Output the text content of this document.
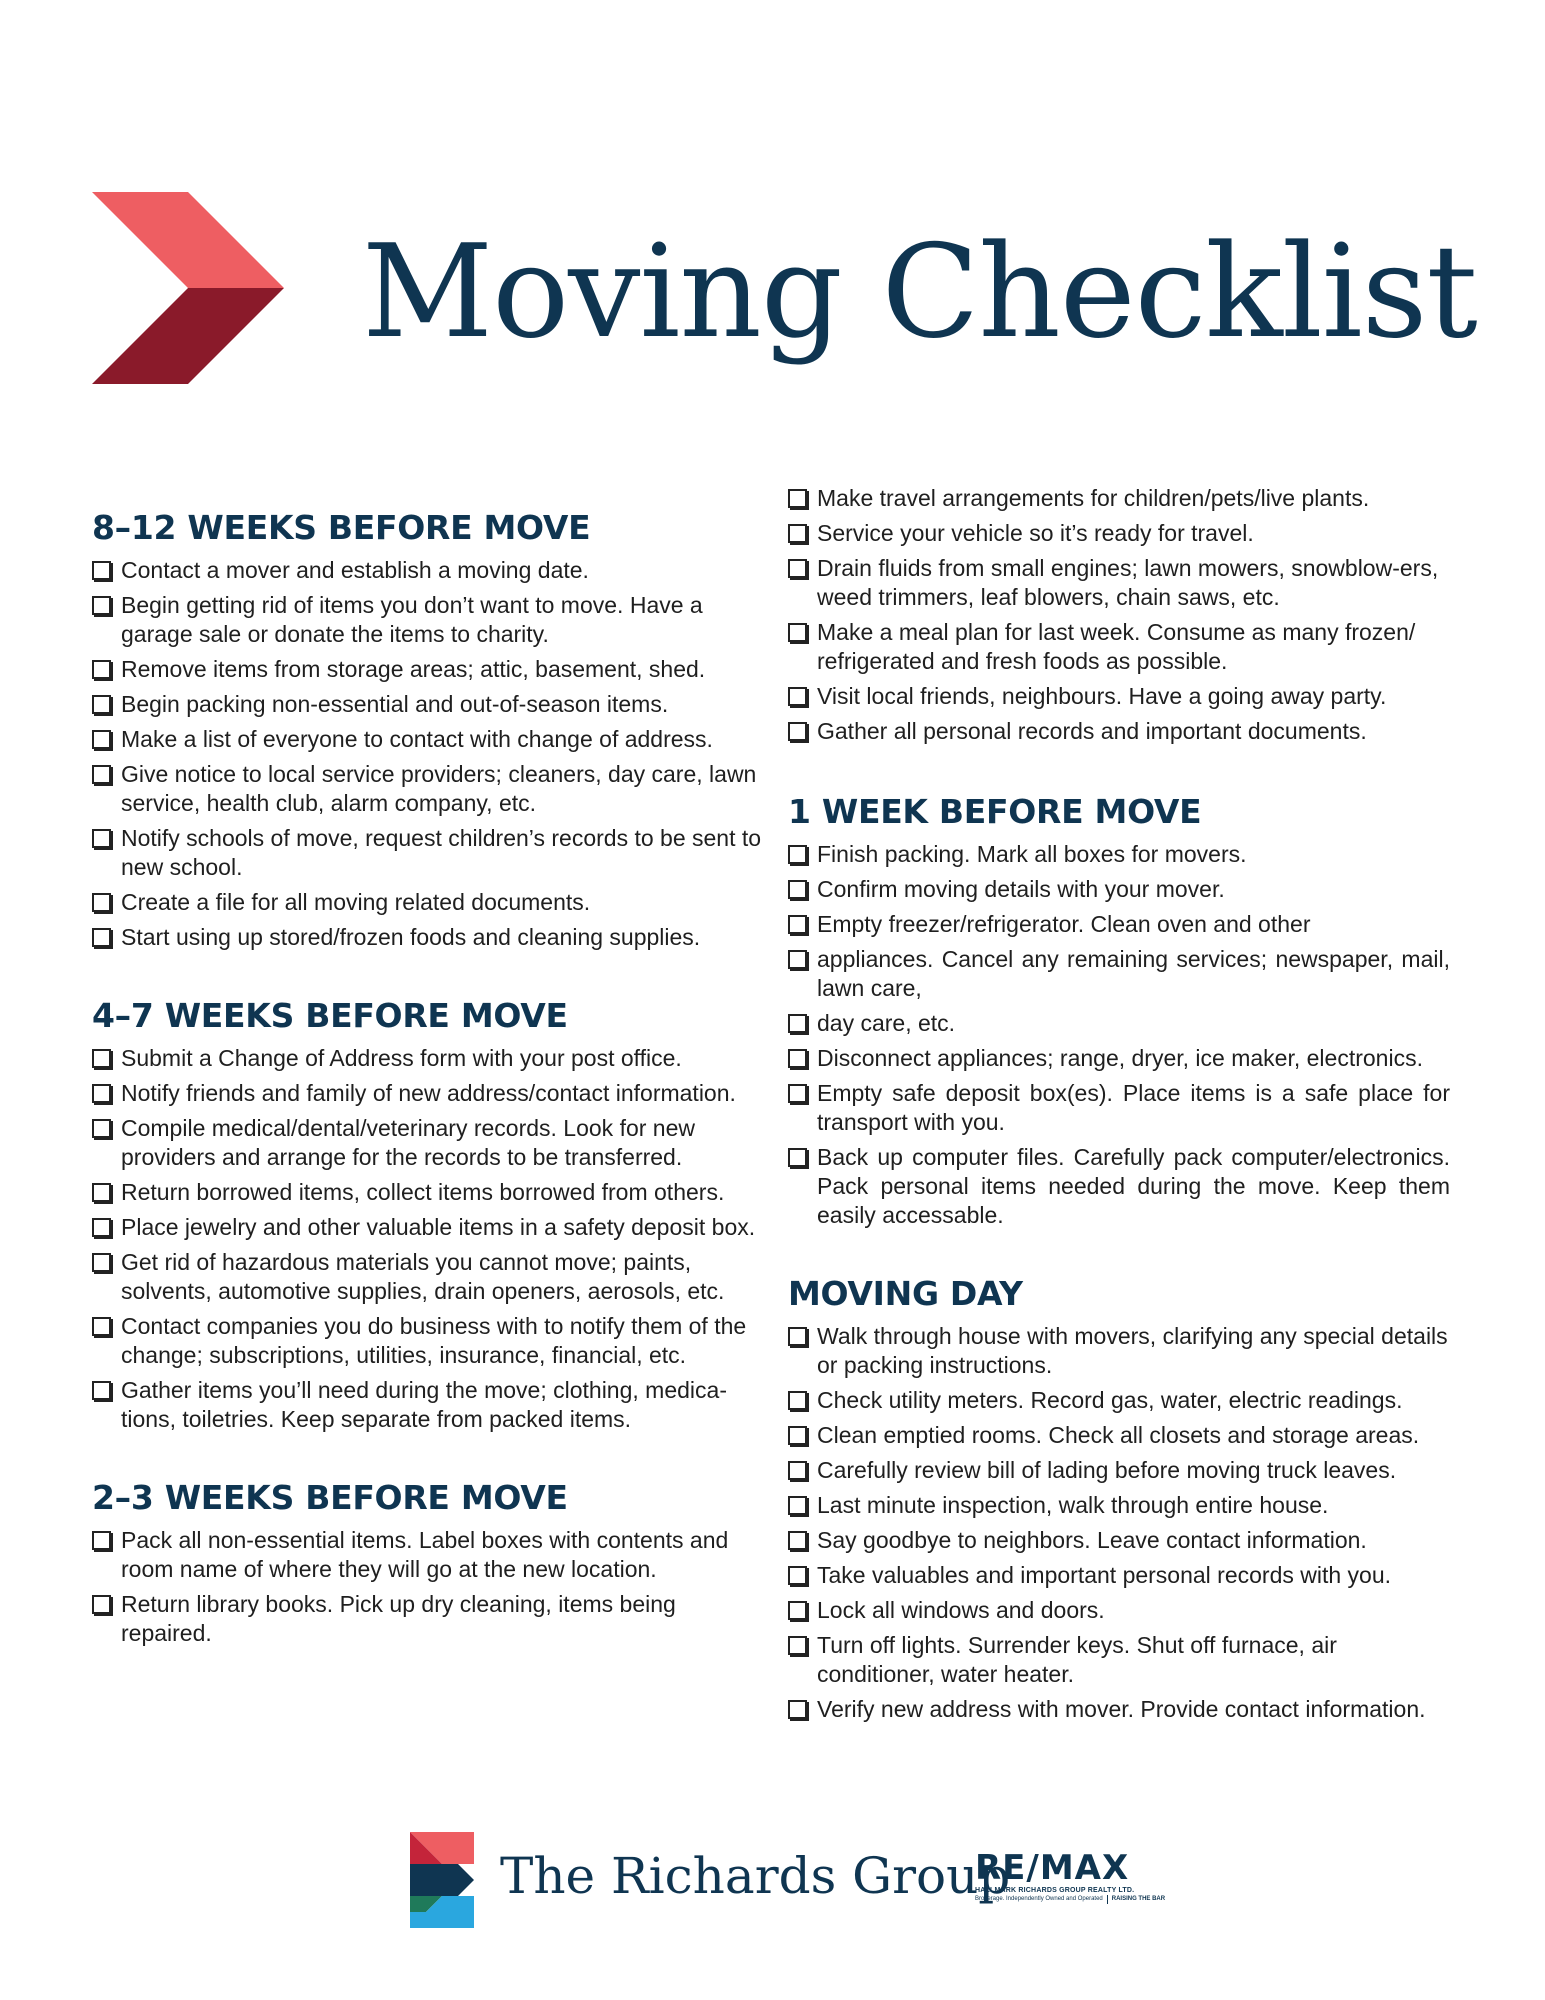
Moving Checklist
8–12 WEEKS BEFORE MOVE
Contact a mover and establish a moving date.
Begin getting rid of items you don’t want to move. Have a garage sale or donate the items to charity.
Remove items from storage areas; attic, basement, shed.
Begin packing non-essential and out-of-season items.
Make a list of everyone to contact with change of address.
Give notice to local service providers; cleaners, day care, lawn service, health club, alarm company, etc.
Notify schools of move, request children’s records to be sent to new school.
Create a file for all moving related documents.
Start using up stored/frozen foods and cleaning supplies.
4–7 WEEKS BEFORE MOVE
Submit a Change of Address form with your post office.
Notify friends and family of new address/contact information.
Compile medical/dental/veterinary records. Look for new providers and arrange for the records to be transferred.
Return borrowed items, collect items borrowed from others.
Place jewelry and other valuable items in a safety deposit box.
Get rid of hazardous materials you cannot move; paints, solvents, automotive supplies, drain openers, aerosols, etc.
Contact companies you do business with to notify them of the change; subscriptions, utilities, insurance, financial, etc.
Gather items you’ll need during the move; clothing, medica-tions, toiletries. Keep separate from packed items.
2–3 WEEKS BEFORE MOVE
Pack all non-essential items. Label boxes with contents and room name of where they will go at the new location.
Return library books. Pick up dry cleaning, items being repaired.
Make travel arrangements for children/pets/live plants.
Service your vehicle so it’s ready for travel.
Drain fluids from small engines; lawn mowers, snowblow-ers, weed trimmers, leaf blowers, chain saws, etc.
Make a meal plan for last week. Consume as many frozen/ refrigerated and fresh foods as possible.
Visit local friends, neighbours. Have a going away party.
Gather all personal records and important documents.
1 WEEK BEFORE MOVE
Finish packing. Mark all boxes for movers.
Confirm moving details with your mover.
Empty freezer/refrigerator. Clean oven and other
appliances. Cancel any remaining services; newspaper, mail, lawn care,
day care, etc.
Disconnect appliances; range, dryer, ice maker, electronics.
Empty safe deposit box(es). Place items is a safe place for transport with you.
Back up computer files. Carefully pack computer/electronics. Pack personal items needed during the move. Keep them easily accessable.
MOVING DAY
Walk through house with movers, clarifying any special details or packing instructions.
Check utility meters. Record gas, water, electric readings.
Clean emptied rooms. Check all closets and storage areas.
Carefully review bill of lading before moving truck leaves.
Last minute inspection, walk through entire house.
Say goodbye to neighbors. Leave contact information.
Take valuables and important personal records with you.
Lock all windows and doors.
Turn off lights. Surrender keys. Shut off furnace, air conditioner, water heater.
Verify new address with mover. Provide contact information.
The Richards Group
RE/MAX
HALLMARK RICHARDS GROUP REALTY LTD.
Brokerage. Independently Owned and Operated	RAISING THE BAR
